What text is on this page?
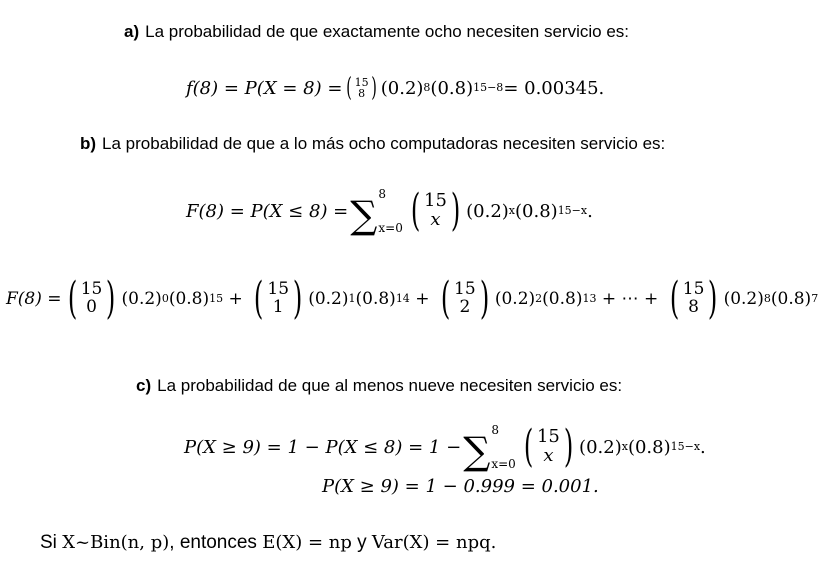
a) La probabilidad de que exactamente ocho necesiten servicio es:
f(8) = P(X = 8) = ( 15
8 ) (0.2) 8 (0.8) 15−8 = 0.00345.
b) La probabilidad de que a lo más ocho computadoras necesiten servicio es:
F(8) = P(X ≤ 8) = ∑ 8
x=0 ( 15
x ) (0.2) x (0.8) 15−x .
F(8) = ( 15
0 ) (0.2) 0 (0.8) 15 + ( 15
1 ) (0.2) 1 (0.8) 14 + ( 15
2 ) (0.2) 2 (0.8) 13 + ⋯ + ( 15
8 ) (0.2) 8 (0.8) 7
c) La probabilidad de que al menos nueve necesiten servicio es:
P(X ≥ 9) = 1 − P(X ≤ 8) = 1 − ∑ 8
x=0 ( 15
x ) (0.2) x (0.8) 15−x .
P(X ≥ 9) = 1 − 0.999 = 0.001.
Si X~Bin(n, p), entonces E(X) = np y Var(X) = npq.
